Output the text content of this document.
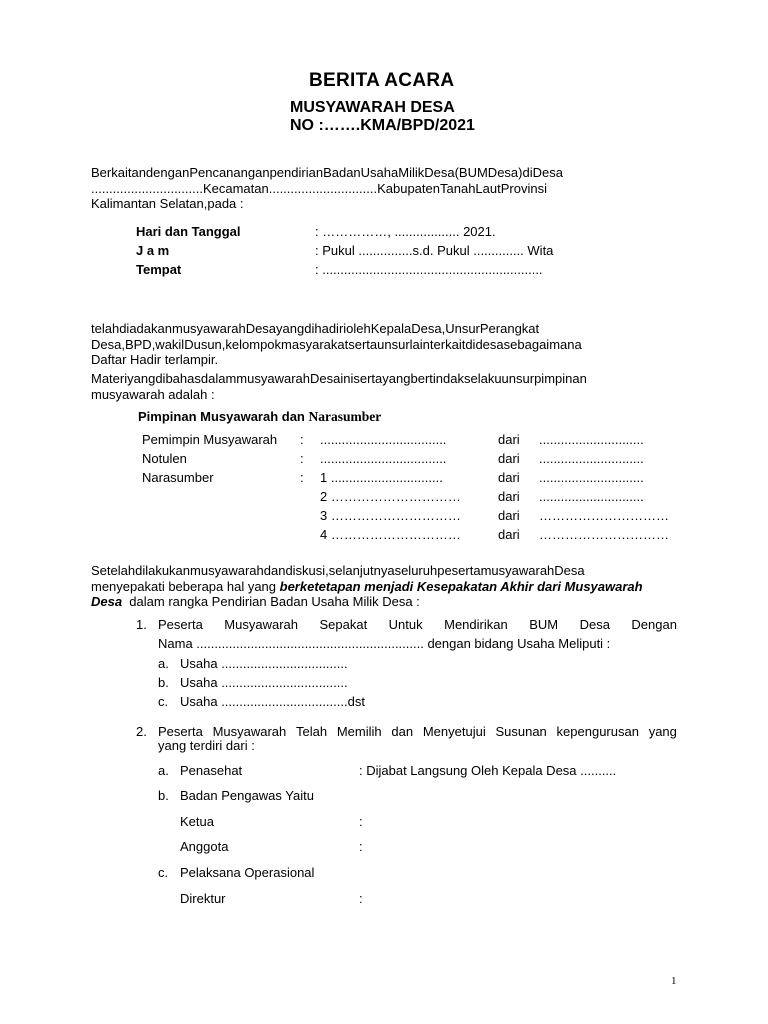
BERITA ACARA
MUSYAWARAH DESA
NO :…….KMA/BPD/2021
BerkaitandenganPencananganpendirianBadanUsahaMilikDesa(BUMDesa)diDesa
...............................Kecamatan..............................KabupatenTanahLautProvinsi
Kalimantan Selatan,pada :
Hari dan Tanggal	: ……………, .................. 2021.
J a m	: Pukul ...............s.d. Pukul .............. Wita
Tempat	: .............................................................
telahdiadakanmusyawarahDesayangdihadiriolehKepalaDesa,UnsurPerangkat
Desa,BPD,wakilDusun,kelompokmasyarakatsertaunsurlainterkaitdidesasebagaimana
Daftar Hadir terlampir.
MateriyangdibahasdalammusyawarahDesainisertayangbertindakselakuunsurpimpinan
musyawarah adalah :
Pimpinan Musyawarah dan Narasumber
Pemimpin Musyawarah : ...................................	dari .............................
Notulen	: ...................................	dari .............................
Narasumber	: 1 ...............................	dari .............................
2 …………………………	dari .............................
3 …………………………	dari …………………………
4 …………………………	dari …………………………
Setelahdilakukanmusyawarahdandiskusi,selanjutnyaseluruhpesertamusyawarahDesa
menyepakati beberapa hal yang berketetapan menjadi Kesepakatan Akhir dari Musyawarah
Desa  dalam rangka Pendirian Badan Usaha Milik Desa :
1. Peserta Musyawarah Sepakat Untuk Mendirikan BUM Desa Dengan
Nama ............................................................... dengan bidang Usaha Meliputi :
a. Usaha ...................................
b. Usaha ...................................
c. Usaha ...................................dst
2. Peserta Musyawarah Telah Memilih dan Menyetujui Susunan kepengurusan yang
yang terdiri dari :
a. Penasehat	: Dijabat Langsung Oleh Kepala Desa ..........
b. Badan Pengawas Yaitu
Ketua	:
Anggota	:
c. Pelaksana Operasional
Direktur	:
1
